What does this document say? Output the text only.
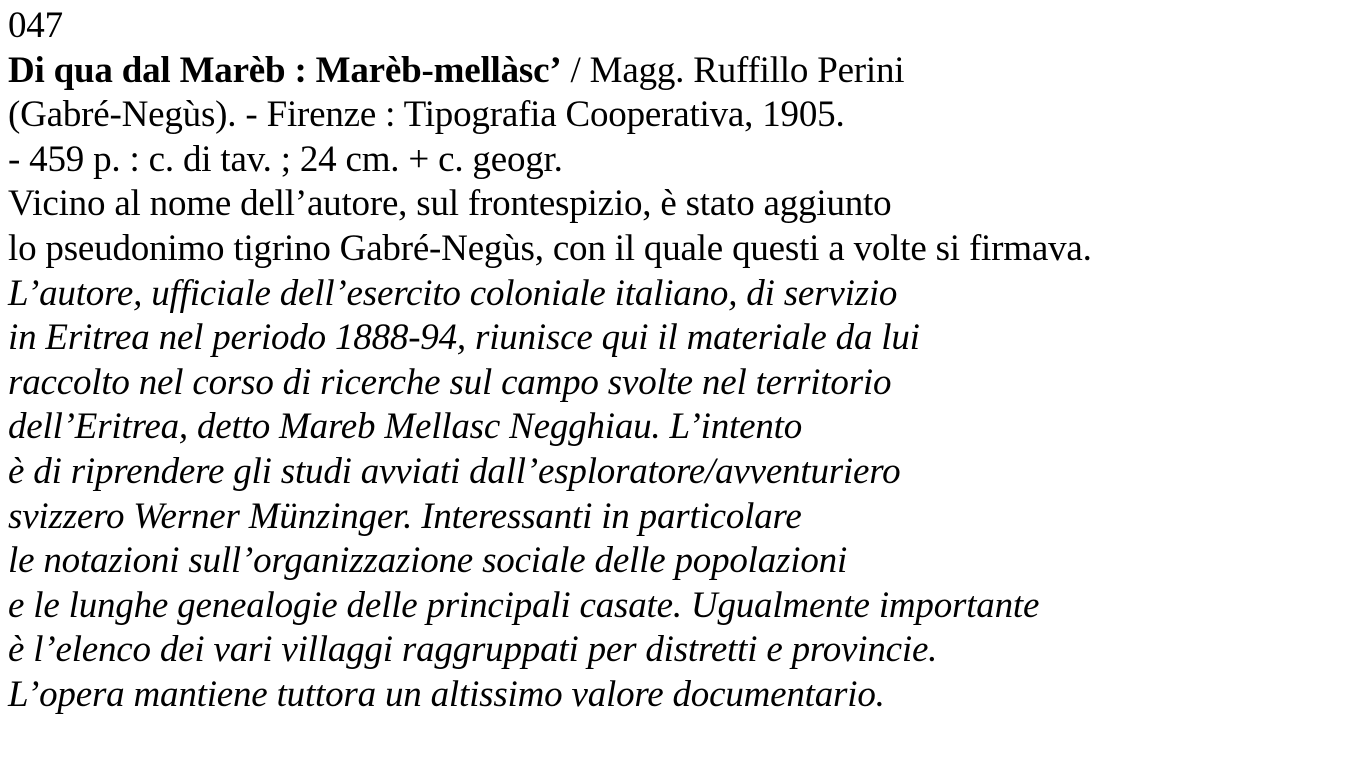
047
Di qua dal Marèb : Marèb-mellàsc’ / Magg. Ruffillo Perini
(Gabré-Negùs). - Firenze : Tipografia Cooperativa, 1905.
- 459 p. : c. di tav. ; 24 cm. + c. geogr.
Vicino al nome dell’autore, sul frontespizio, è stato aggiunto
lo pseudonimo tigrino Gabré-Negùs, con il quale questi a volte si firmava.
L’autore, ufficiale dell’esercito coloniale italiano, di servizio
in Eritrea nel periodo 1888-94, riunisce qui il materiale da lui
raccolto nel corso di ricerche sul campo svolte nel territorio
dell’Eritrea, detto Mareb Mellasc Negghiau. L’intento
è di riprendere gli studi avviati dall’esploratore/avventuriero
svizzero Werner Münzinger. Interessanti in particolare
le notazioni sull’organizzazione sociale delle popolazioni
e le lunghe genealogie delle principali casate. Ugualmente importante
è l’elenco dei vari villaggi raggruppati per distretti e provincie.
L’opera mantiene tuttora un altissimo valore documentario.
